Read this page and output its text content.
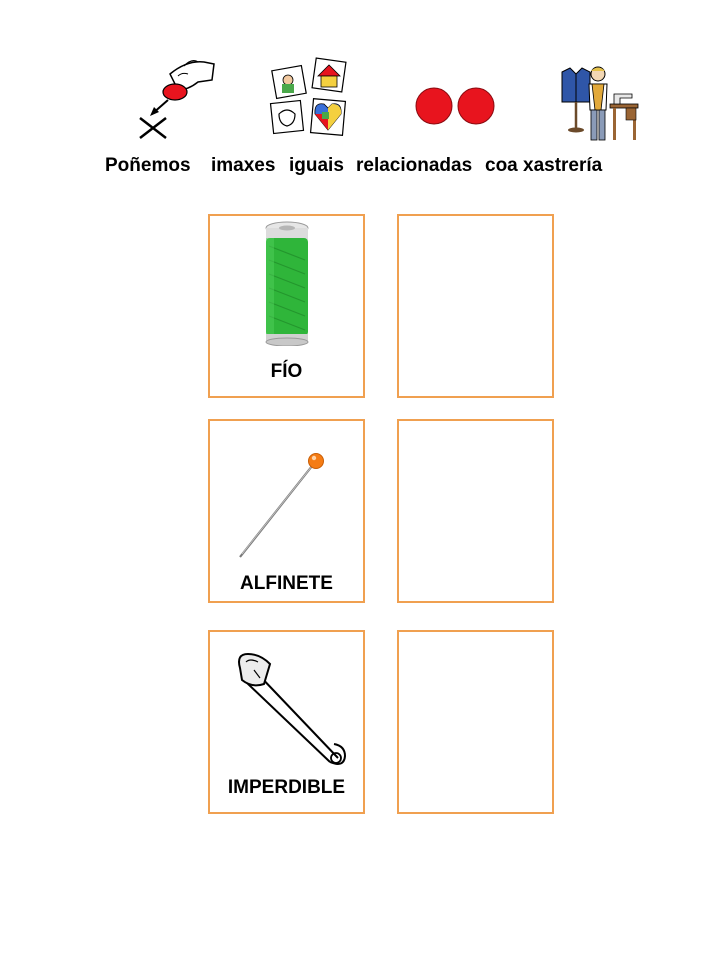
Poñemos imaxes iguais relacionadas coa xastrería
FÍO
ALFINETE
IMPERDIBLE
